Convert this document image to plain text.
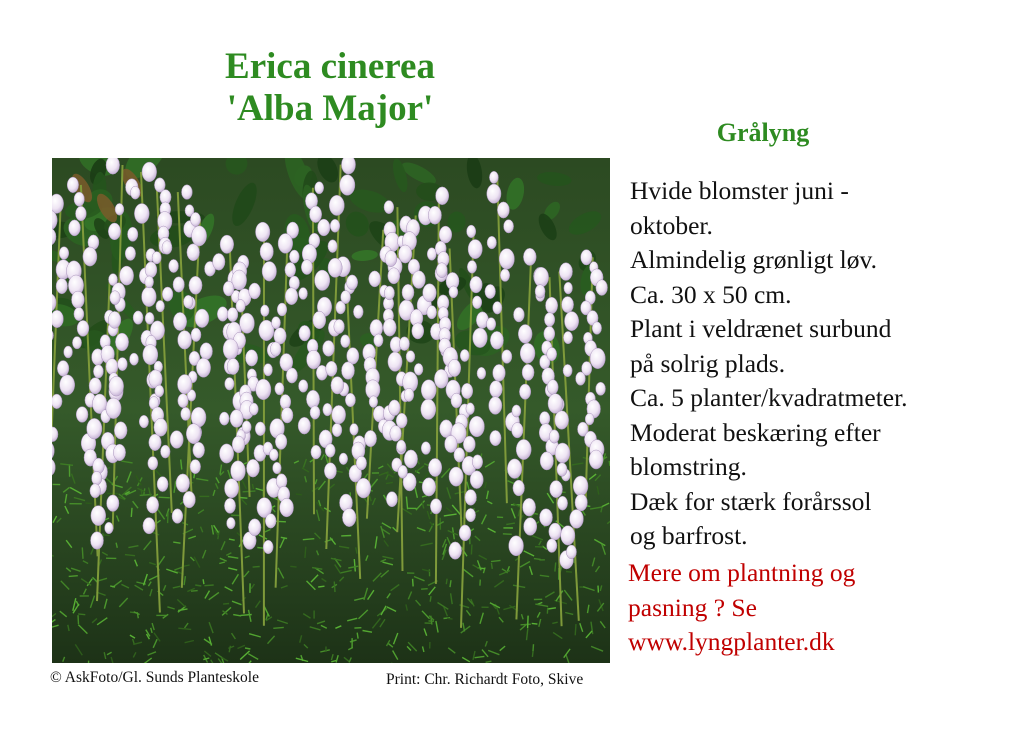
Erica cinerea
'Alba Major'
Grålyng
Hvide blomster juni -
oktober.
Almindelig grønligt løv.
Ca. 30 x 50 cm.
Plant i veldrænet surbund
på solrig plads.
Ca. 5 planter/kvadratmeter.
Moderat beskæring efter
blomstring.
Dæk for stærk forårssol
og barfrost.
Mere om plantning og
pasning ? Se
www.lyngplanter.dk
© AskFoto/Gl. Sunds Planteskole	Print: Chr. Richardt Foto, Skive
